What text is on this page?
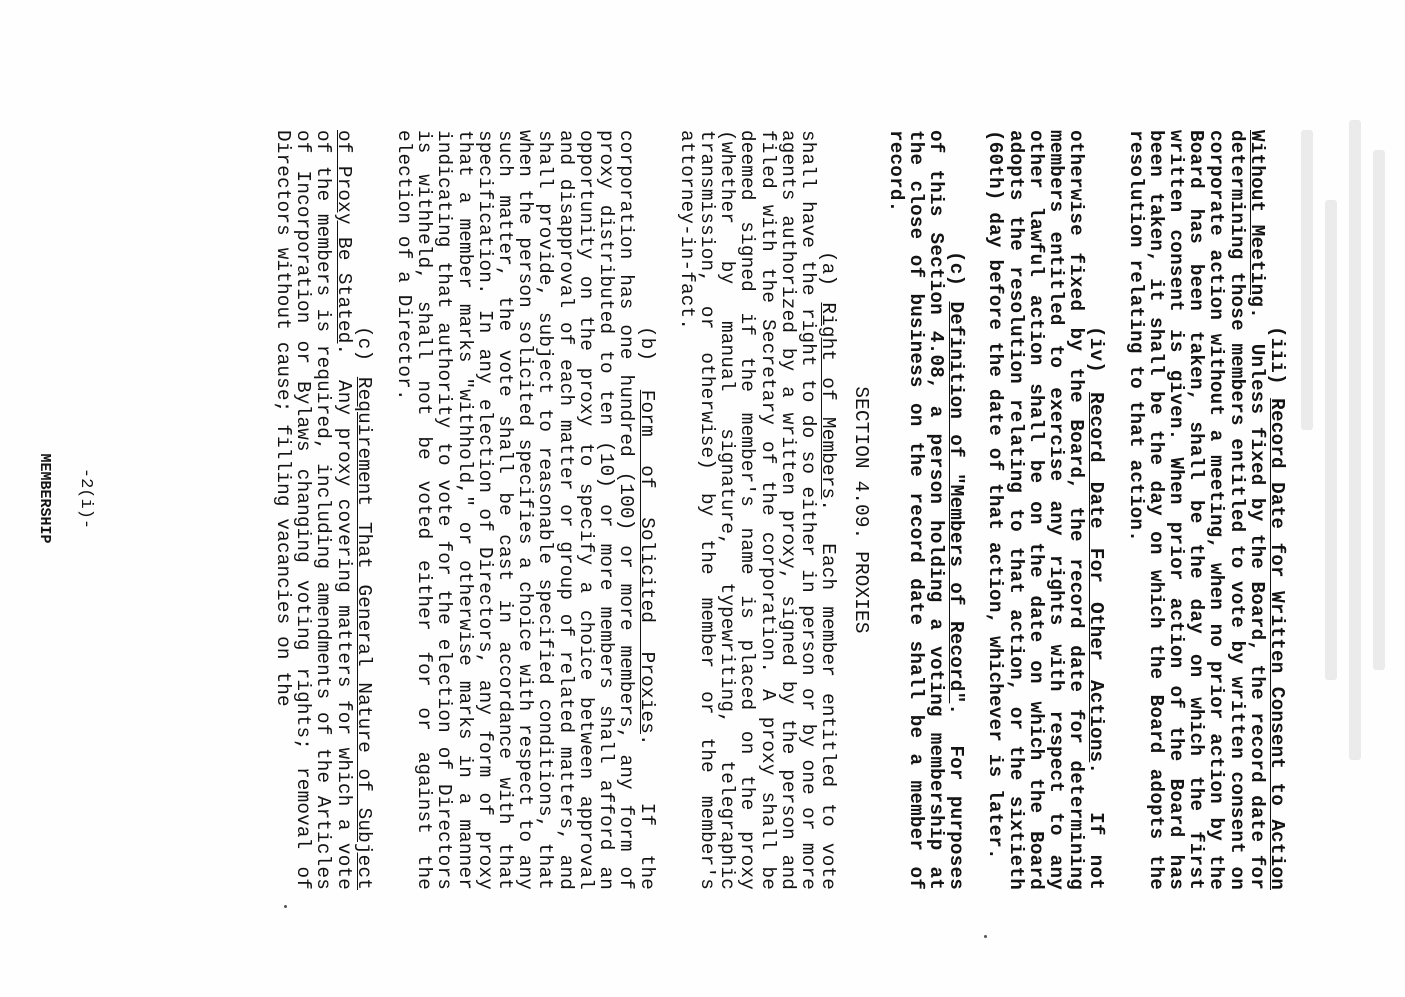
(iii) Record Date for Written Consent to Action Without Meeting.  Unless fixed by the Board, the record date for determining those members entitled to vote by written consent on corporate action without a meeting, when no prior action by the Board has been taken, shall be the day on which the first written consent is given. When prior action of the Board has been taken, it shall be the day on which the Board adopts the resolution relating to that action.

(iv) Record Date For Other Actions.  If not otherwise fixed by the Board, the record date for determining members entitled to exercise any rights with respect to any other lawful action shall be on the date on which the Board adopts the resolution relating to that action, or the sixtieth (60th) day before the date of that action, whichever is later.

(c) Definition of "Members of Record".  For purposes of this Section 4.08, a person holding a voting membership at the close of business on the record date shall be a member of record.

SECTION 4.09. PROXIES

(a) Right of Members.  Each member entitled to vote shall have the right to do so either in person or by one or more agents authorized by a written proxy, signed by the person and filed with the Secretary of the corporation. A proxy shall be deemed signed if the member's name is placed on the proxy (whether by manual signature, typewriting, telegraphic transmission, or otherwise) by the member or the member's attorney-in-fact.

(b) Form of Solicited Proxies.  If the corporation has one hundred (100) or more members, any form of proxy distributed to ten (10) or more members shall afford an opportunity on the proxy to specify a choice between approval and disapproval of each matter or group of related matters, and shall provide, subject to reasonable specified conditions, that when the person solicited specifies a choice with respect to any such matter, the vote shall be cast in accordance with that specification. In any election of Directors, any form of proxy that a member marks "withhold," or otherwise marks in a manner indicating that authority to vote for the election of Directors is withheld, shall not be voted either for or against the election of a Director.

(c) Requirement That General Nature of Subject of Proxy Be Stated.  Any proxy covering matters for which a vote of the members is required, including amendments of the Articles of Incorporation or Bylaws changing voting rights; removal of Directors without cause; filling vacancies on the

-2(i)-
MEMBERSHIP
